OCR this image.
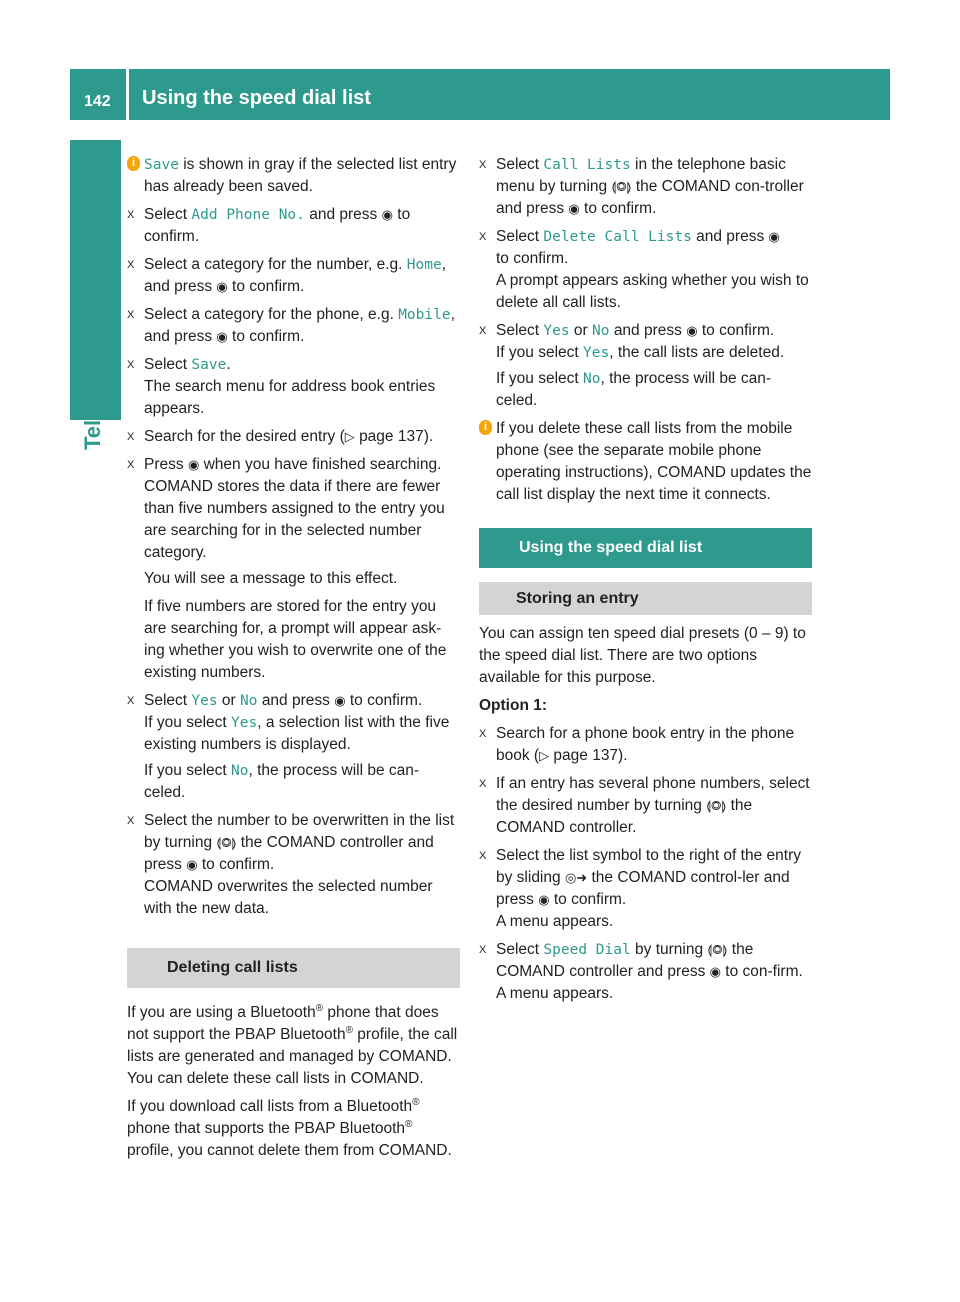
142 Using the speed dial list
Telephone
i Save is shown in gray if the selected list entry has already been saved.
X Select Add Phone No. and press ◉ to confirm.
X Select a category for the number, e.g. Home, and press ◉ to confirm.
X Select a category for the phone, e.g. Mobile, and press ◉ to confirm.
X Select Save.
The search menu for address book entries appears.
X Search for the desired entry (▷ page 137).
X Press ◉ when you have finished searching. COMAND stores the data if there are fewer than five numbers assigned to the entry you are searching for in the selected number category.

You will see a message to this effect.

If five numbers are stored for the entry you are searching for, a prompt will appear ask-ing whether you wish to overwrite one of the existing numbers.

X Select Yes or No and press ◉ to confirm.
If you select Yes, a selection list with the five existing numbers is displayed.

If you select No, the process will be can-celed.

X Select the number to be overwritten in the list by turning ⟬◎⟭ the COMAND controller and press ◉ to confirm.
COMAND overwrites the selected number with the new data.
Deleting call lists

If you are using a Bluetooth® phone that does not support the PBAP Bluetooth® profile, the call lists are generated and managed by COMAND. You can delete these call lists in COMAND.

If you download call lists from a Bluetooth® phone that supports the PBAP Bluetooth® profile, you cannot delete them from COMAND.

X Select Call Lists in the telephone basic menu by turning ⟬◎⟭ the COMAND con-troller and press ◉ to confirm.
X Select Delete Call Lists and press ◉
to confirm.
A prompt appears asking whether you wish to delete all call lists.
X Select Yes or No and press ◉ to confirm.
If you select Yes, the call lists are deleted.

If you select No, the process will be can-celed.

i If you delete these call lists from the mobile phone (see the separate mobile phone operating instructions), COMAND updates the call list display the next time it connects.
Using the speed dial list
Storing an entry

You can assign ten speed dial presets (0 – 9) to the speed dial list. There are two options available for this purpose.

Option 1:

X Search for a phone book entry in the phone book (▷ page 137).
X If an entry has several phone numbers, select the desired number by turning ⟬◎⟭ the COMAND controller.
X Select the list symbol to the right of the entry by sliding ◎➜ the COMAND control-ler and press ◉ to confirm.
A menu appears.
X Select Speed Dial by turning ⟬◎⟭ the COMAND controller and press ◉ to con-firm.
A menu appears.
